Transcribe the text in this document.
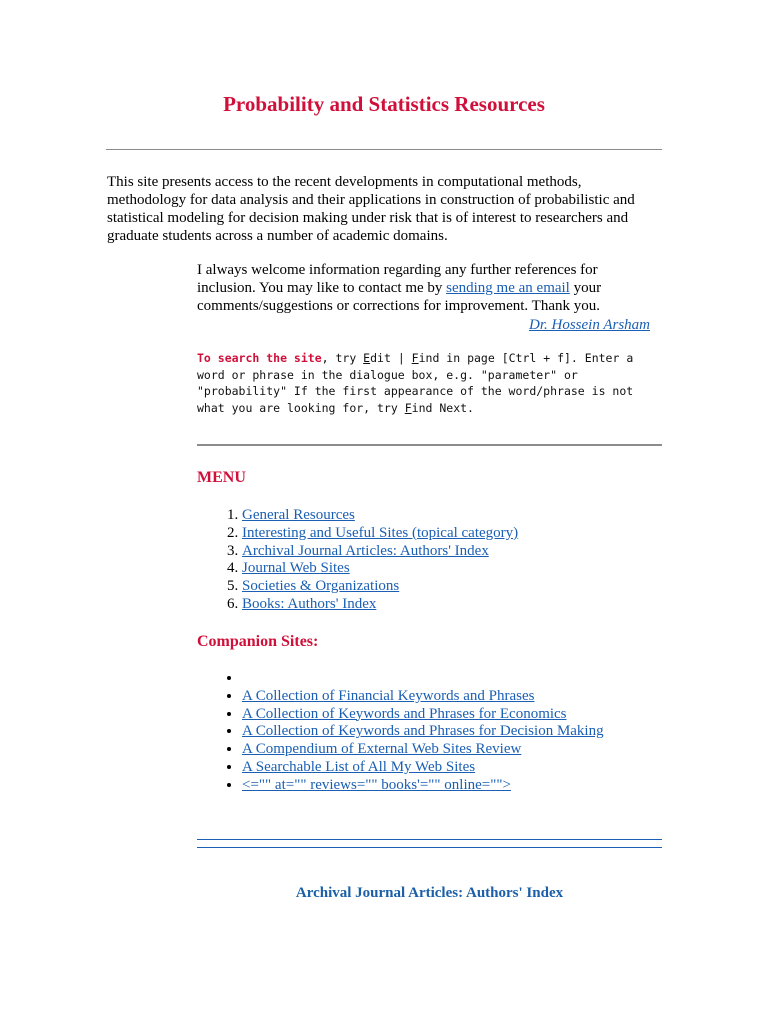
Probability and Statistics Resources

This site presents access to the recent developments in computational methods, methodology for data analysis and their applications in construction of probabilistic and statistical modeling for decision making under risk that is of interest to researchers and graduate students across a number of academic domains.

I always welcome information regarding any further references for inclusion. You may like to contact me by sending me an email your comments/suggestions or corrections for improvement. Thank you.

Dr. Hossein Arsham

To search the site, try Edit | Find in page [Ctrl + f]. Enter a word or phrase in the dialogue box, e.g. "parameter" or "probability" If the first appearance of the word/phrase is not what you are looking for, try Find Next.

MENU
1. General Resources
2. Interesting and Useful Sites (topical category)
3. Archival Journal Articles: Authors' Index
4. Journal Web Sites
5. Societies & Organizations
6. Books: Authors' Index
Companion Sites:
•
• A Collection of Financial Keywords and Phrases
• A Collection of Keywords and Phrases for Economics
• A Collection of Keywords and Phrases for Decision Making
• A Compendium of External Web Sites Review
• A Searchable List of All My Web Sites
• <="" at="" reviews="" books'="" online="">
Archival Journal Articles: Authors' Index
